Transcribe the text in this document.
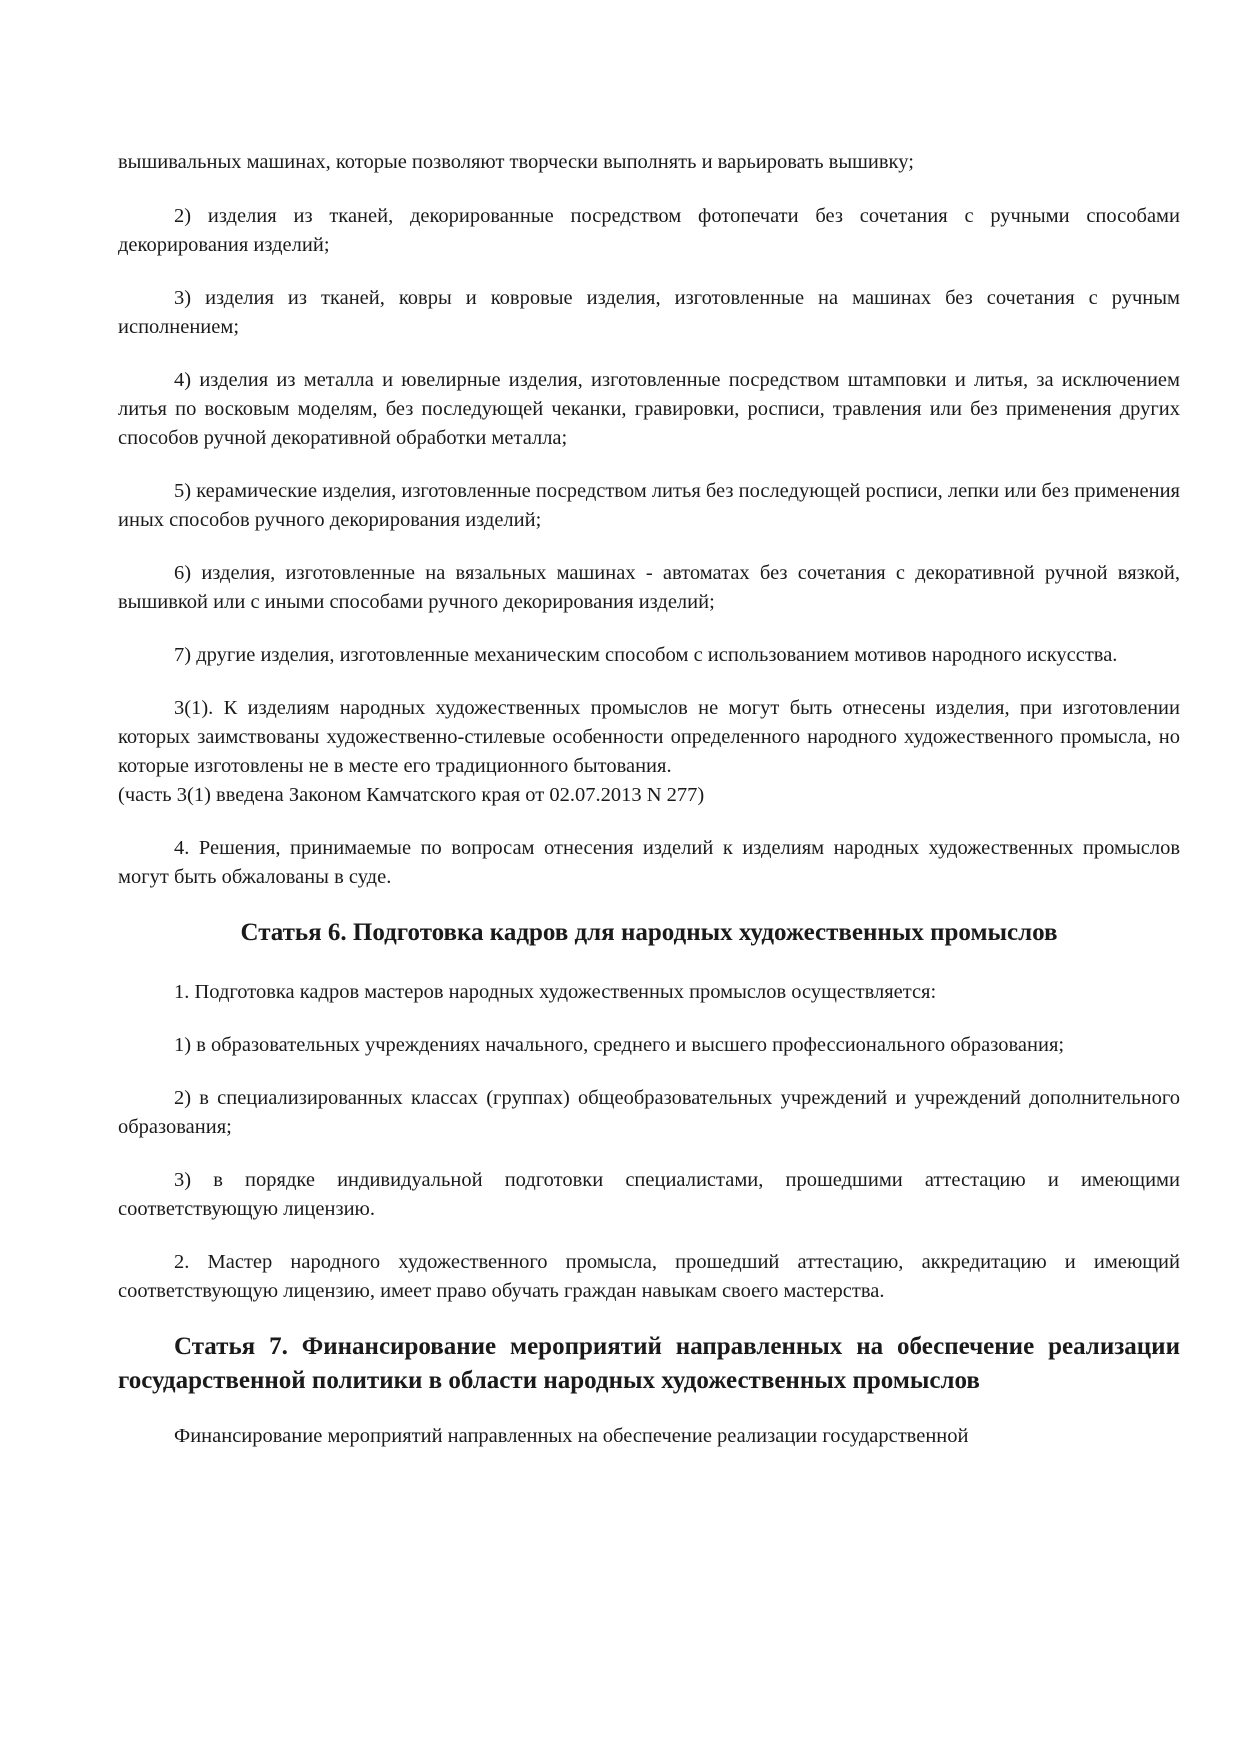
вышивальных машинах, которые позволяют творчески выполнять и варьировать вышивку;

2) изделия из тканей, декорированные посредством фотопечати без сочетания с ручными способами декорирования изделий;

3) изделия из тканей, ковры и ковровые изделия, изготовленные на машинах без сочетания с ручным исполнением;

4) изделия из металла и ювелирные изделия, изготовленные посредством штамповки и литья, за исключением литья по восковым моделям, без последующей чеканки, гравировки, росписи, травления или без применения других способов ручной декоративной обработки металла;

5) керамические изделия, изготовленные посредством литья без последующей росписи, лепки или без применения иных способов ручного декорирования изделий;

6) изделия, изготовленные на вязальных машинах - автоматах без сочетания с декоративной ручной вязкой, вышивкой или с иными способами ручного декорирования изделий;

7) другие изделия, изготовленные механическим способом с использованием мотивов народного искусства.

3(1). К изделиям народных художественных промыслов не могут быть отнесены изделия, при изготовлении которых заимствованы художественно-стилевые особенности определенного народного художественного промысла, но которые изготовлены не в месте его традиционного бытования.

(часть 3(1) введена Законом Камчатского края от 02.07.2013 N 277)

4. Решения, принимаемые по вопросам отнесения изделий к изделиям народных художественных промыслов могут быть обжалованы в суде.

Статья 6. Подготовка кадров для народных художественных промыслов

1. Подготовка кадров мастеров народных художественных промыслов осуществляется:

1) в образовательных учреждениях начального, среднего и высшего профессионального образования;

2) в специализированных классах (группах) общеобразовательных учреждений и учреждений дополнительного образования;

3) в порядке индивидуальной подготовки специалистами, прошедшими аттестацию и имеющими соответствующую лицензию.

2. Мастер народного художественного промысла, прошедший аттестацию, аккредитацию и имеющий соответствующую лицензию, имеет право обучать граждан навыкам своего мастерства.

Статья 7. Финансирование мероприятий направленных на обеспечение реализации государственной политики в области народных художественных промыслов

Финансирование мероприятий направленных на обеспечение реализации государственной
